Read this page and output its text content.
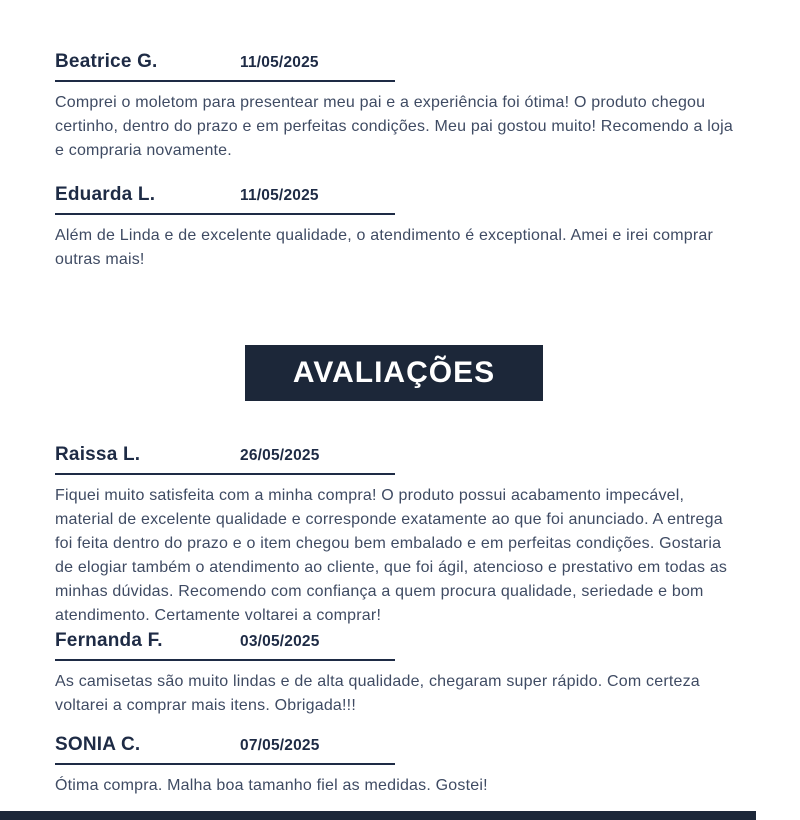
Beatrice G.	11/05/2025

Comprei o moletom para presentear meu pai e a experiência foi ótima! O produto chegou certinho, dentro do prazo e em perfeitas condições. Meu pai gostou muito! Recomendo a loja e compraria novamente.

Eduarda L.	11/05/2025

Além de Linda e de excelente qualidade, o atendimento é exceptional. Amei e irei comprar outras mais!

AVALIAÇÕES
Raissa L.	26/05/2025

Fiquei muito satisfeita com a minha compra! O produto possui acabamento impecável, material de excelente qualidade e corresponde exatamente ao que foi anunciado. A entrega foi feita dentro do prazo e o item chegou bem embalado e em perfeitas condições. Gostaria de elogiar também o atendimento ao cliente, que foi ágil, atencioso e prestativo em todas as minhas dúvidas. Recomendo com confiança a quem procura qualidade, seriedade e bom atendimento. Certamente voltarei a comprar!

Fernanda F.	03/05/2025

As camisetas são muito lindas e de alta qualidade, chegaram super rápido. Com certeza voltarei a comprar mais itens. Obrigada!!!

SONIA C.	07/05/2025

Ótima compra. Malha boa tamanho fiel as medidas. Gostei!
